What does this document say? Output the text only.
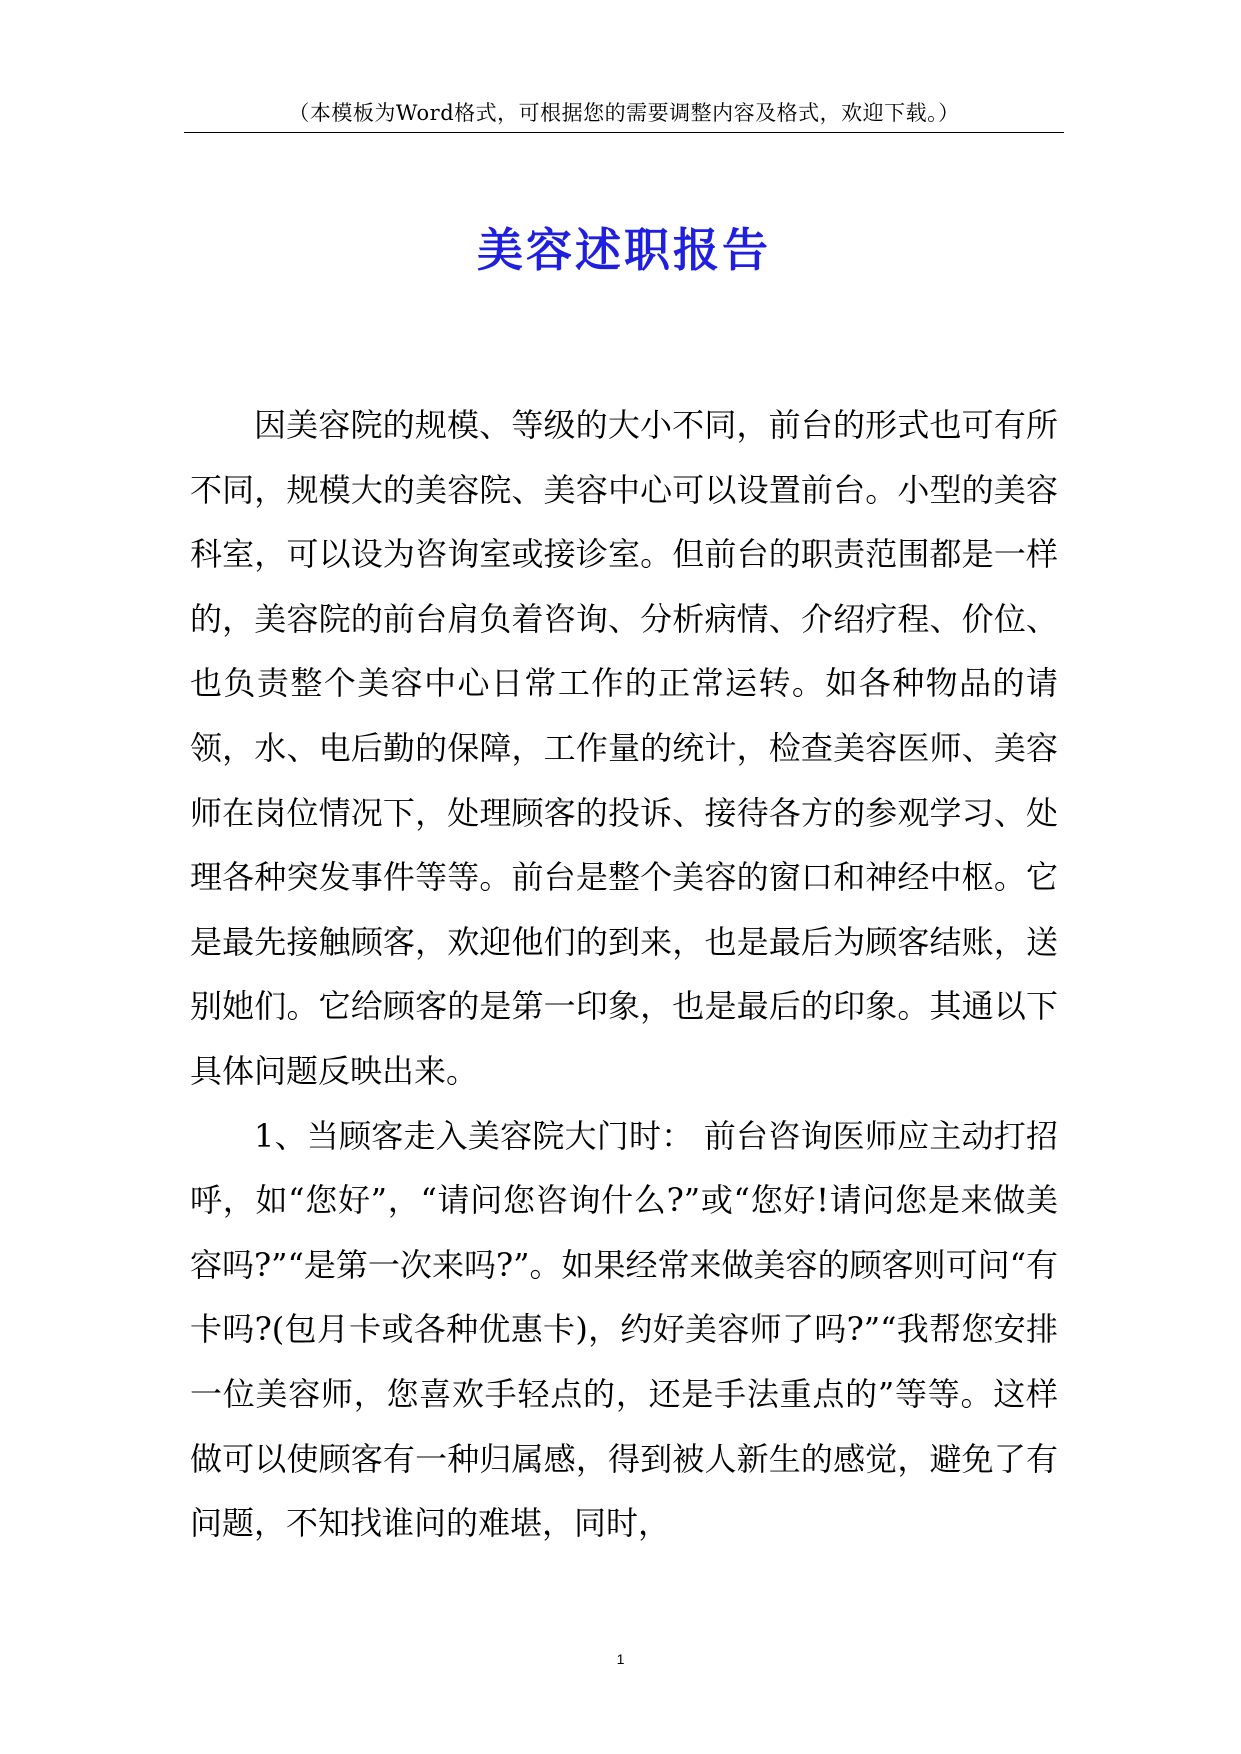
（本模板为Word格式，可根据您的需要调整内容及格式，欢迎下载。）
美容述职报告

因美容院的规模、等级的大小不同，前台的形式也可有所不同，规模大的美容院、美容中心可以设置前台。小型的美容科室，可以设为咨询室或接诊室。但前台的职责范围都是一样的，美容院的前台肩负着咨询、分析病情、介绍疗程、价位、也负责整个美容中心日常工作的正常运转。如各种物品的请领，水、电后勤的保障，工作量的统计，检查美容医师、美容师在岗位情况下，处理顾客的投诉、接待各方的参观学习、处理各种突发事件等等。前台是整个美容的窗口和神经中枢。它是最先接触顾客，欢迎他们的到来，也是最后为顾客结账，送别她们。它给顾客的是第一印象，也是最后的印象。其通以下具体问题反映出来。

1、当顾客走入美容院大门时： 前台咨询医师应主动打招呼，如“您好”，“请问您咨询什么?”或“您好!请问您是来做美容吗?”“是第一次来吗?”。如果经常来做美容的顾客则可问“有卡吗?(包月卡或各种优惠卡)，约好美容师了吗?”“我帮您安排一位美容师，您喜欢手轻点的，还是手法重点的”等等。这样做可以使顾客有一种归属感，得到被人新生的感觉，避免了有问题，不知找谁问的难堪，同时，

1
